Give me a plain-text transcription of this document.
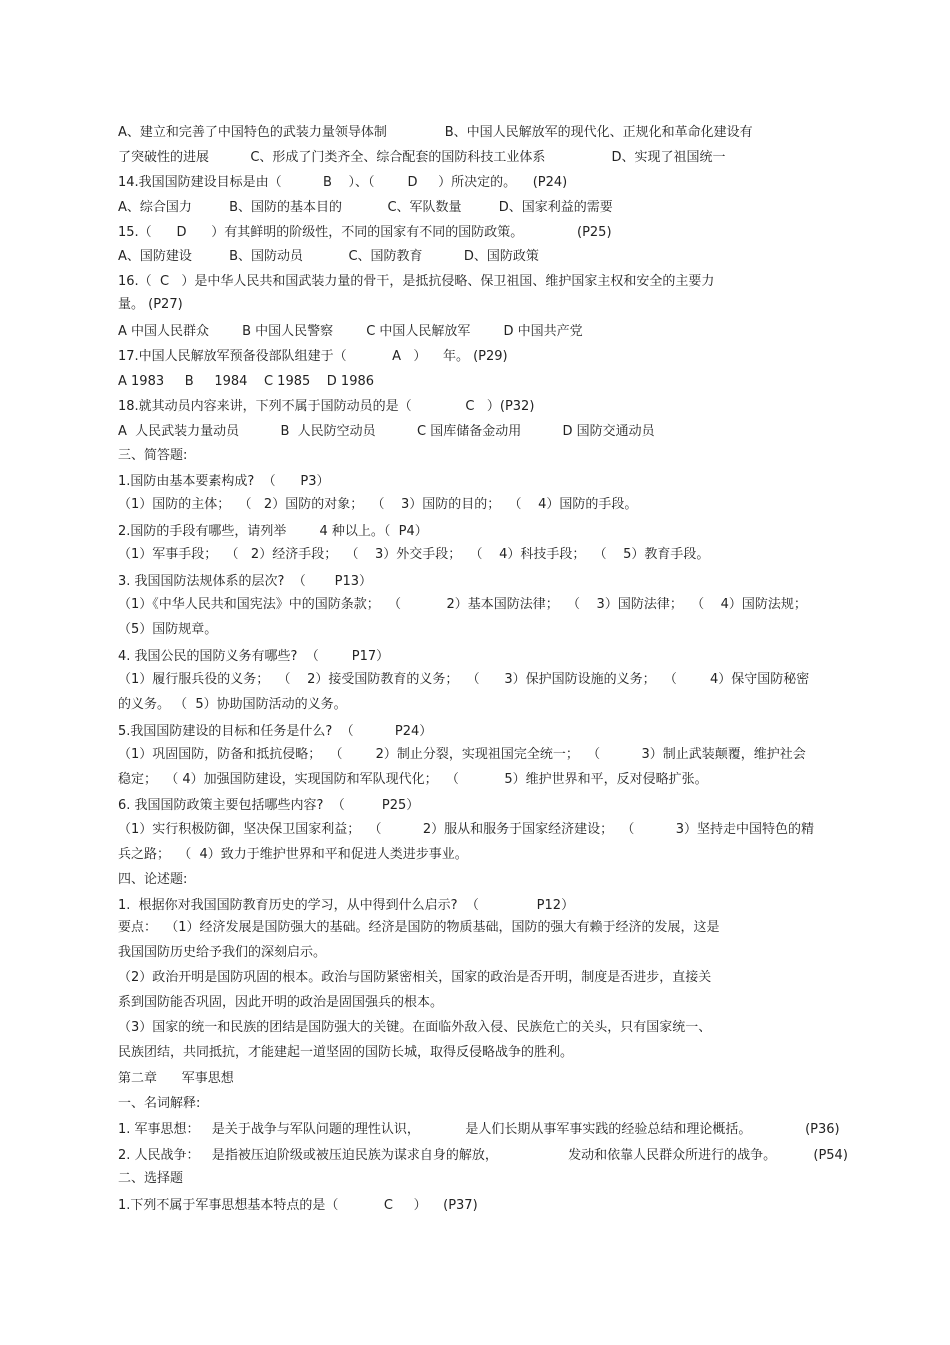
A、建立和完善了中国特色的武装力量领导体制              B、中国人民解放军的现代化、正规化和革命化建设有
了突破性的进展          C、形成了门类齐全、综合配套的国防科技工业体系                D、实现了祖国统一
14.我国国防建设目标是由（          B    ）、（        D     ）所决定的。    (P24)
A、综合国力         B、国防的基本目的           C、军队数量         D、国家利益的需要
15.（      D      ）有其鲜明的阶级性，不同的国家有不同的国防政策。             (P25)
A、国防建设         B、国防动员           C、国防教育          D、国防政策
16.（  C   ）是中华人民共和国武装力量的骨干，是抵抗侵略、保卫祖国、维护国家主权和安全的主要力
量。 (P27)
A 中国人民群众        B 中国人民警察        C 中国人民解放军        D 中国共产党
17.中国人民解放军预备役部队组建于（           A   ）    年。 (P29)
A 1983     B     1984    C 1985    D 1986
18.就其动员内容来讲，下列不属于国防动员的是（             C   ）(P32)
A  人民武装力量动员          B  人民防空动员          C 国库储备金动用          D 国防交通动员
三、简答题:
1.国防由基本要素构成?  （      P3）
（1）国防的主体；  （   2）国防的对象；  （    3）国防的目的；  （    4）国防的手段。
2.国防的手段有哪些，请列举        4 种以上。（  P4）
（1）军事手段；  （   2）经济手段；  （    3）外交手段；  （    4）科技手段；  （    5）教育手段。
3. 我国国防法规体系的层次?  （       P13）
（1）《中华人民共和国宪法》中的国防条款；  （           2）基本国防法律；  （    3）国防法律；  （    4）国防法规；
（5）国防规章。
4. 我国公民的国防义务有哪些?  （        P17）
（1）履行服兵役的义务；  （    2）接受国防教育的义务；  （      3）保护国防设施的义务；  （        4）保守国防秘密
的义务。 （  5）协助国防活动的义务。
5.我国国防建设的目标和任务是什么?  （          P24）
（1）巩固国防，防备和抵抗侵略；  （        2）制止分裂，实现祖国完全统一；  （          3）制止武装颠覆，维护社会
稳定；  （ 4）加强国防建设，实现国防和军队现代化；  （           5）维护世界和平，反对侵略扩张。
6. 我国国防政策主要包括哪些内容?  （         P25）
（1）实行积极防御，坚决保卫国家利益；  （          2）服从和服务于国家经济建设；  （          3）坚持走中国特色的精
兵之路；  （  4）致力于维护世界和平和促进人类进步事业。
四、论述题:
1.  根据你对我国国防教育历史的学习，从中得到什么启示?  （              P12）
要点：  （1）经济发展是国防强大的基础。经济是国防的物质基础，国防的强大有赖于经济的发展，这是
我国国防历史给予我们的深刻启示。
（2）政治开明是国防巩固的根本。政治与国防紧密相关，国家的政治是否开明，制度是否进步，直接关
系到国防能否巩固，因此开明的政治是固国强兵的根本。
（3）国家的统一和民族的团结是国防强大的关键。在面临外敌入侵、民族危亡的关头，只有国家统一、
民族团结，共同抵抗，才能建起一道坚固的国防长城，取得反侵略战争的胜利。
第二章      军事思想
一、名词解释:
1. 军事思想：   是关于战争与军队问题的理性认识，           是人们长期从事军事实践的经验总结和理论概括。             (P36)
2. 人民战争：   是指被压迫阶级或被压迫民族为谋求自身的解放，                 发动和依靠人民群众所进行的战争。         (P54)
二、选择题
1.下列不属于军事思想基本特点的是（           C     ）    (P37)
